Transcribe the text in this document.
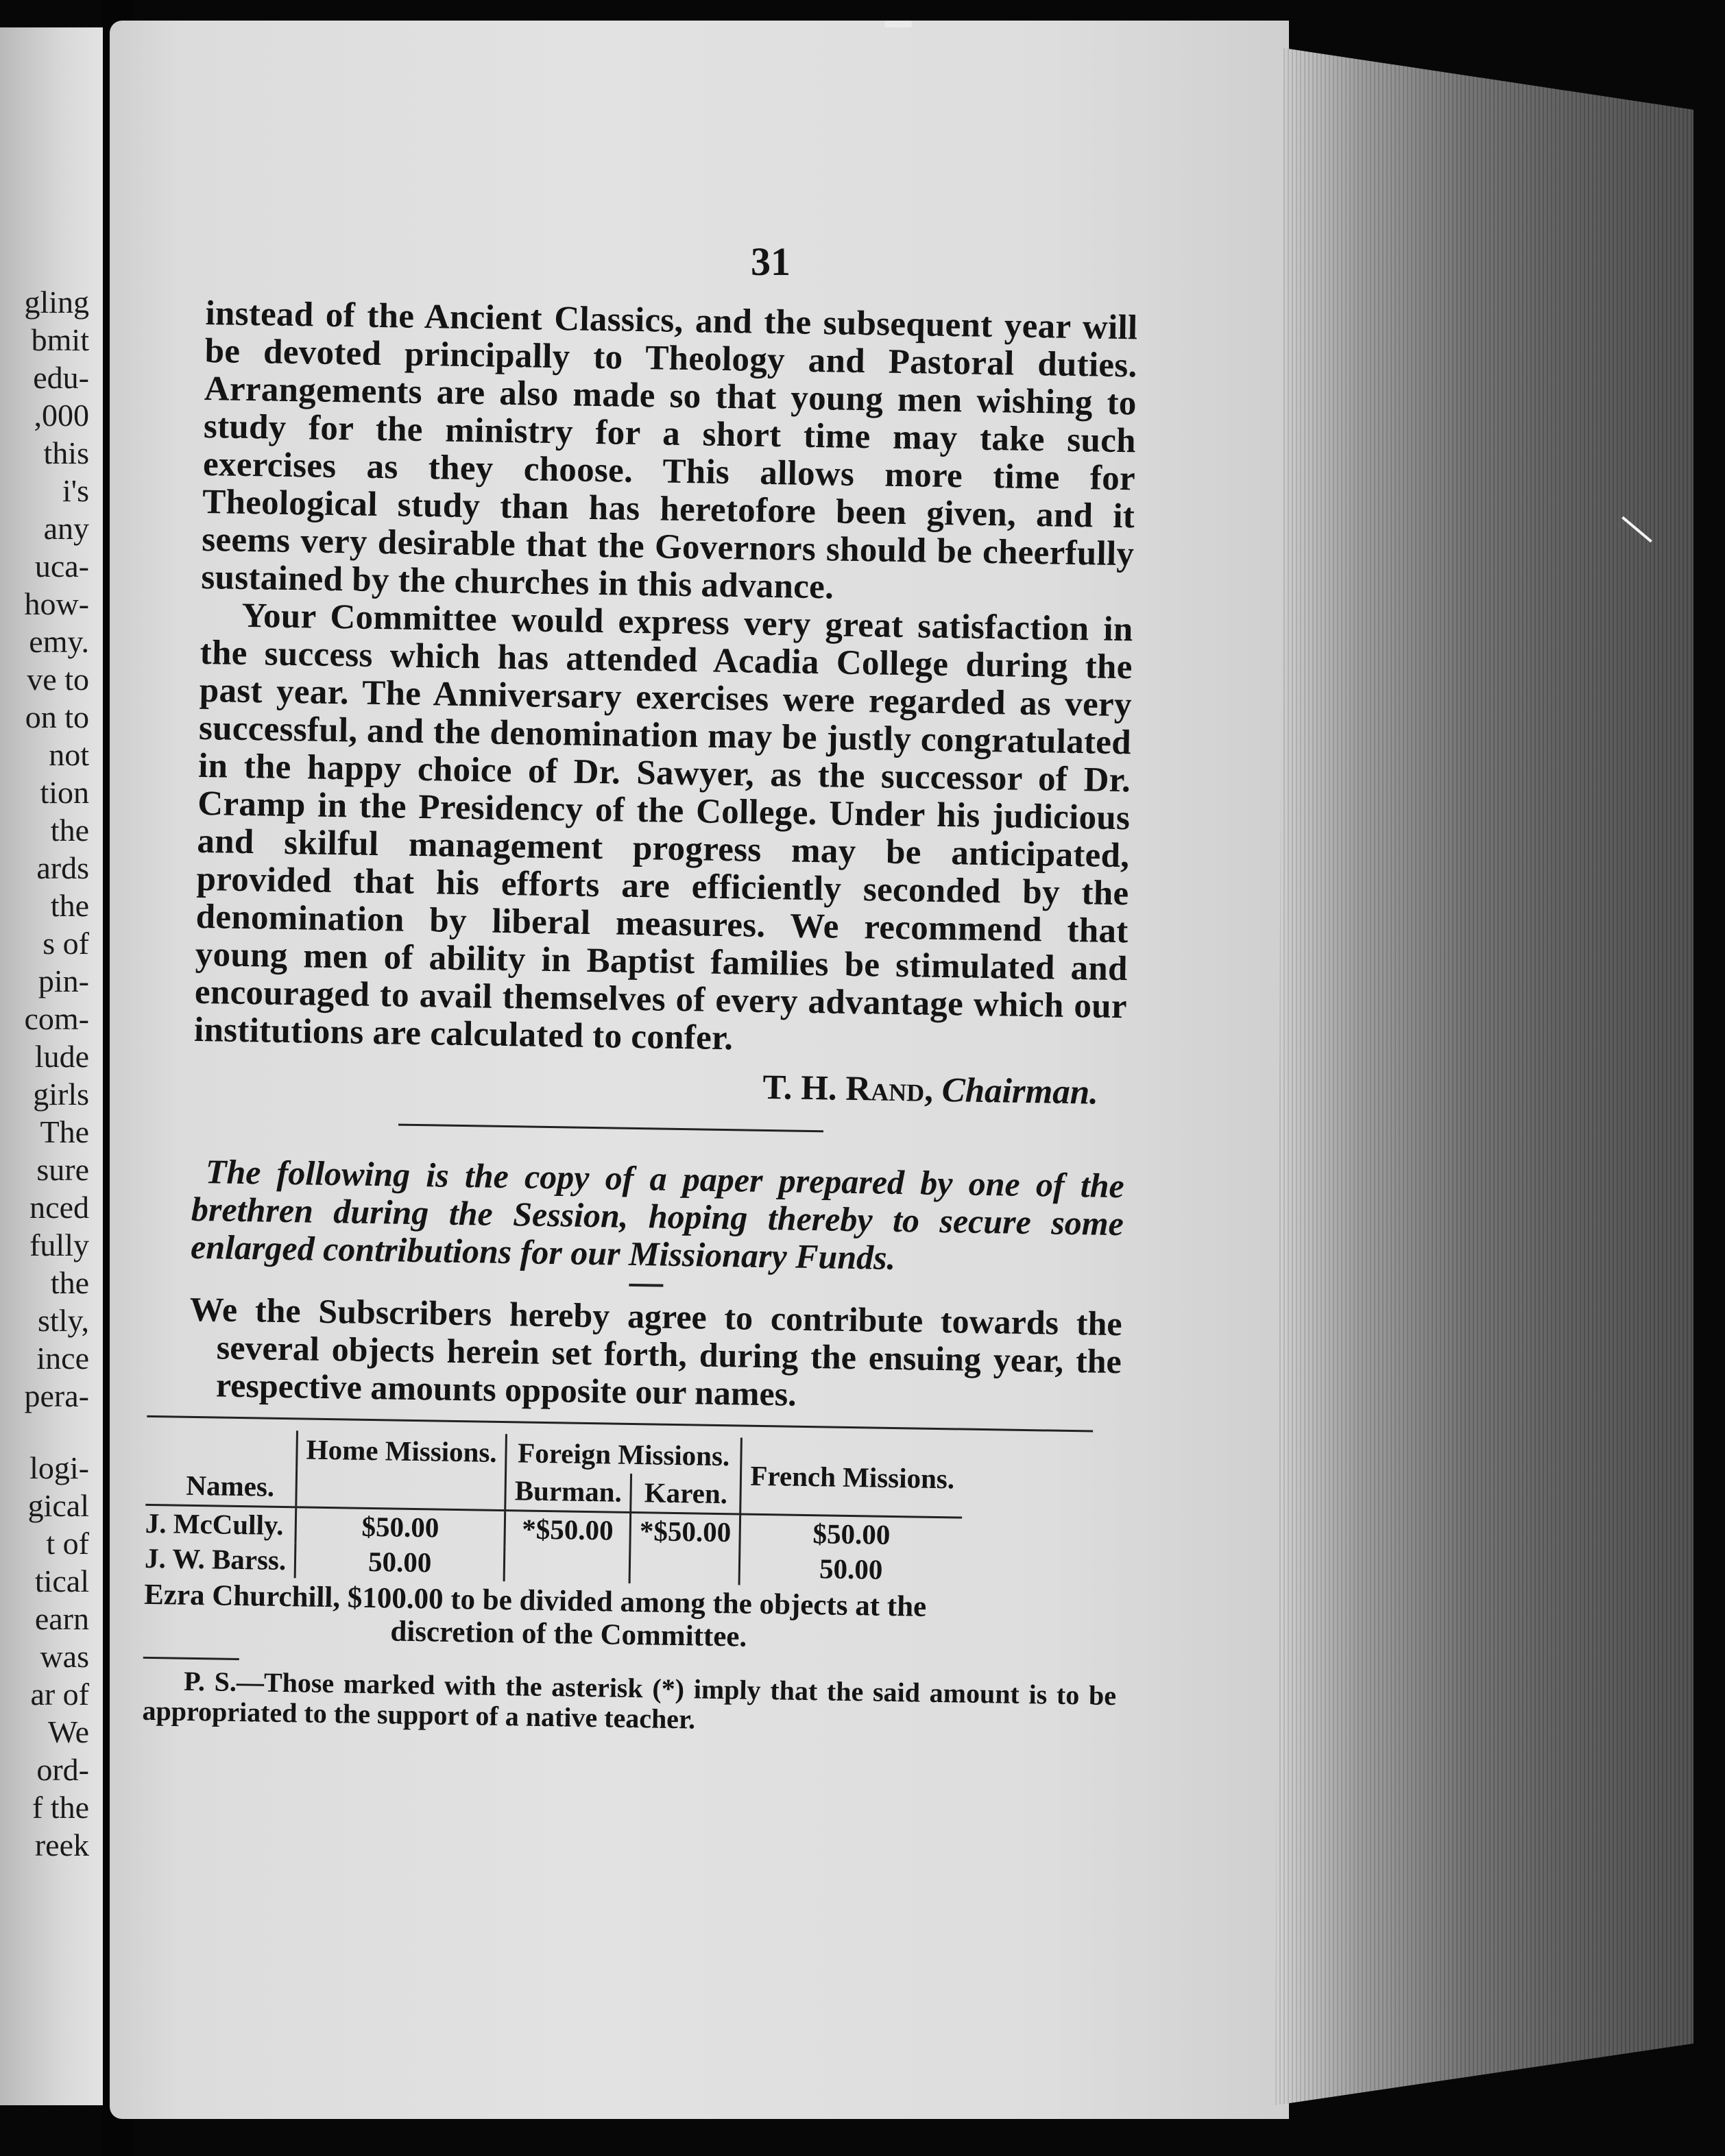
gling
bmit
edu-
,000
this
i's
any
uca-
how-
emy.
ve to
on to
not
tion
the
ards
the
s of
pin-
com-
lude
girls
The
sure
nced
fully
the
stly,
ince
pera-
logi-
gical
t of
tical
earn
was
ar of
We
ord-
f the
reek
31

instead of the Ancient Classics, and the subsequent year will be devoted principally to Theology and Pastoral duties. Arrangements are also made so that young men wishing to study for the ministry for a short time may take such exercises as they choose. This allows more time for Theological study than has heretofore been given, and it seems very desirable that the Governors should be cheerfully sustained by the churches in this advance.

Your Committee would express very great satisfaction in the success which has attended Acadia College during the past year. The Anniversary exercises were regarded as very successful, and the denomination may be justly congratulated in the happy choice of Dr. Sawyer, as the successor of Dr. Cramp in the Presidency of the College. Under his judicious and skilful management progress may be anticipated, provided that his efforts are efficiently seconded by the denomination by liberal measures. We recommend that young men of ability in Baptist families be stimulated and encouraged to avail themselves of every advantage which our institutions are calculated to confer.

T. H. Rand, Chairman.

The following is the copy of a paper prepared by one of the brethren during the Session, hoping thereby to secure some enlarged contributions for our Missionary Funds.

We the Subscribers hereby agree to contribute towards the several objects herein set forth, during the ensuing year, the respective amounts opposite our names.

Names.	Home Missions.	Foreign Missions.		French Missions.
		Burman.	Karen.	

J. McCully.	$50.00	*$50.00	*$50.00	$50.00
J. W. Barss.	50.00			50.00

Ezra Churchill, $100.00 to be divided among the objects at the
discretion of the Committee.

P. S.—Those marked with the asterisk (*) imply that the said amount is to be appropriated to the support of a native teacher.
